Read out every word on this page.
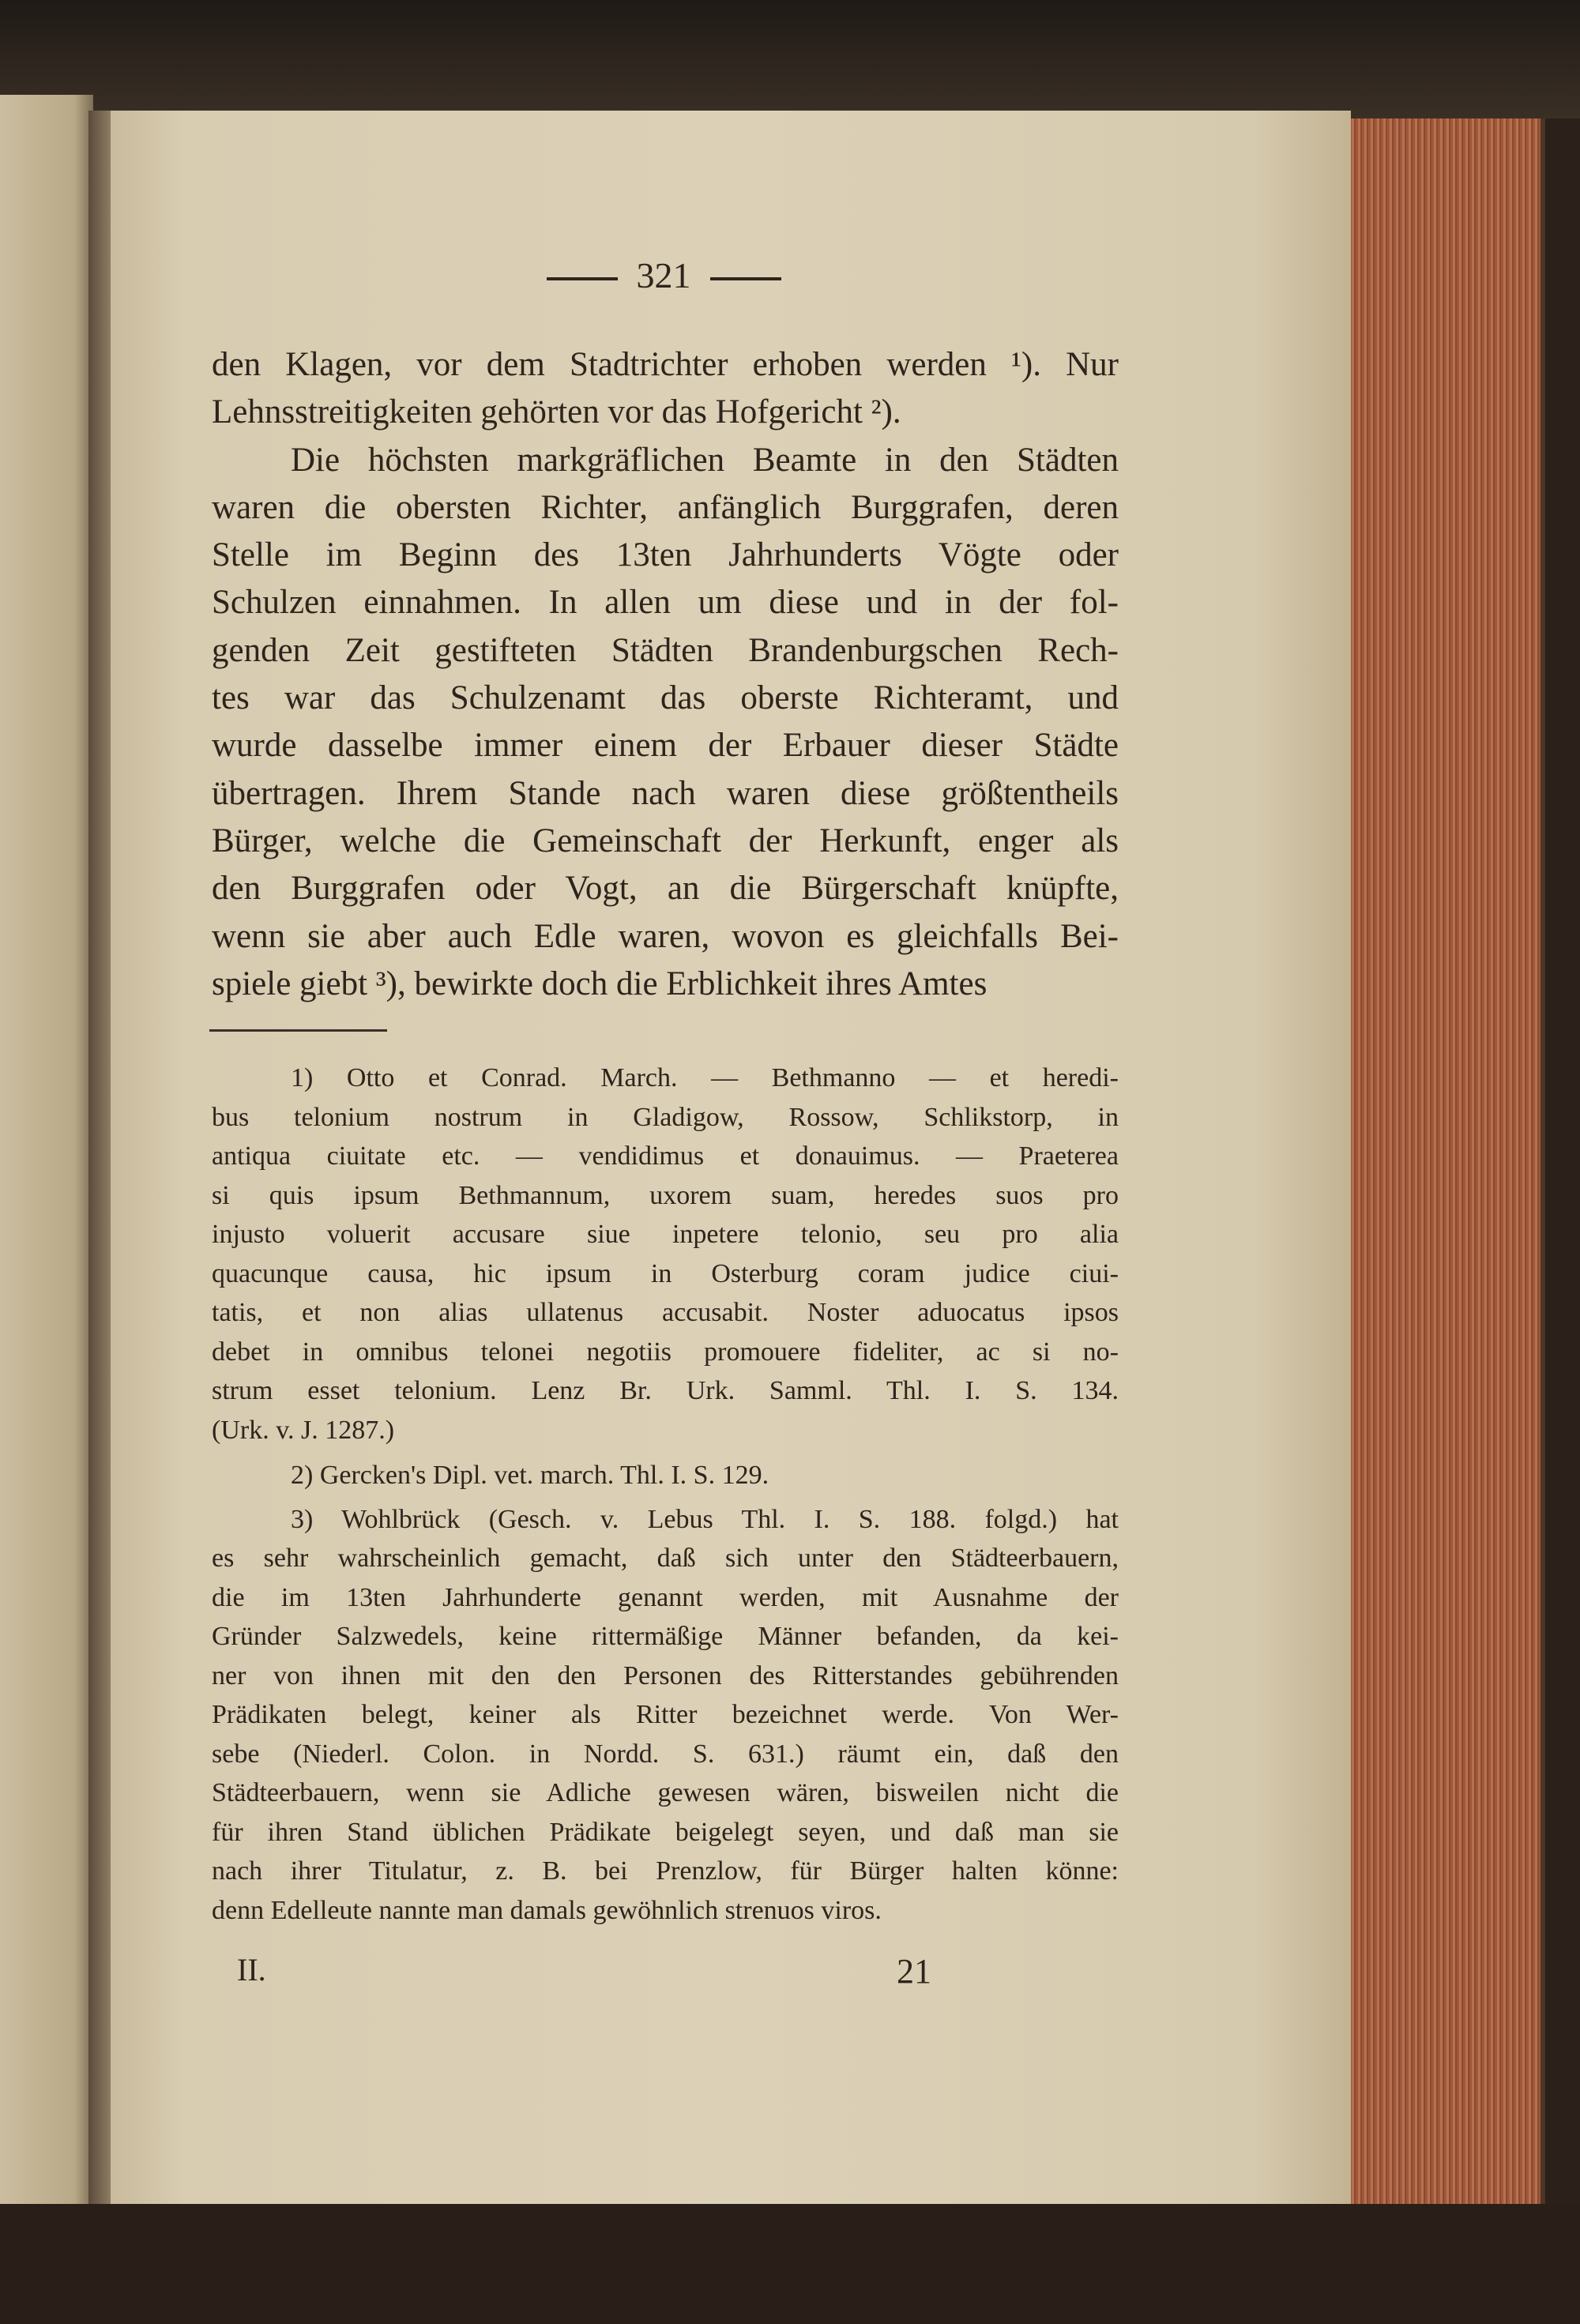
321
den Klagen, vor dem Stadtrichter erhoben werden ¹). Nur
Lehnsstreitigkeiten gehörten vor das Hofgericht ²).
Die höchsten markgräflichen Beamte in den Städten
waren die obersten Richter, anfänglich Burggrafen, deren
Stelle im Beginn des 13ten Jahrhunderts Vögte oder
Schulzen einnahmen. In allen um diese und in der fol-
genden Zeit gestifteten Städten Brandenburgschen Rech-
tes war das Schulzenamt das oberste Richteramt, und
wurde dasselbe immer einem der Erbauer dieser Städte
übertragen. Ihrem Stande nach waren diese größtentheils
Bürger, welche die Gemeinschaft der Herkunft, enger als
den Burggrafen oder Vogt, an die Bürgerschaft knüpfte,
wenn sie aber auch Edle waren, wovon es gleichfalls Bei-
spiele giebt ³), bewirkte doch die Erblichkeit ihres Amtes
1) Otto et Conrad. March. — Bethmanno — et heredi-
bus telonium nostrum in Gladigow, Rossow, Schlikstorp, in
antiqua ciuitate etc. — vendidimus et donauimus. — Praeterea
si quis ipsum Bethmannum, uxorem suam, heredes suos pro
injusto voluerit accusare siue inpetere telonio, seu pro alia
quacunque causa, hic ipsum in Osterburg coram judice ciui-
tatis, et non alias ullatenus accusabit. Noster aduocatus ipsos
debet in omnibus telonei negotiis promouere fideliter, ac si no-
strum esset telonium. Lenz Br. Urk. Samml. Thl. I. S. 134.
(Urk. v. J. 1287.)
2) Gercken's Dipl. vet. march. Thl. I. S. 129.
3) Wohlbrück (Gesch. v. Lebus Thl. I. S. 188. folgd.) hat
es sehr wahrscheinlich gemacht, daß sich unter den Städteerbauern,
die im 13ten Jahrhunderte genannt werden, mit Ausnahme der
Gründer Salzwedels, keine rittermäßige Männer befanden, da kei-
ner von ihnen mit den den Personen des Ritterstandes gebührenden
Prädikaten belegt, keiner als Ritter bezeichnet werde. Von Wer-
sebe (Niederl. Colon. in Nordd. S. 631.) räumt ein, daß den
Städteerbauern, wenn sie Adliche gewesen wären, bisweilen nicht die
für ihren Stand üblichen Prädikate beigelegt seyen, und daß man sie
nach ihrer Titulatur, z. B. bei Prenzlow, für Bürger halten könne:
denn Edelleute nannte man damals gewöhnlich strenuos viros.
II.	21
